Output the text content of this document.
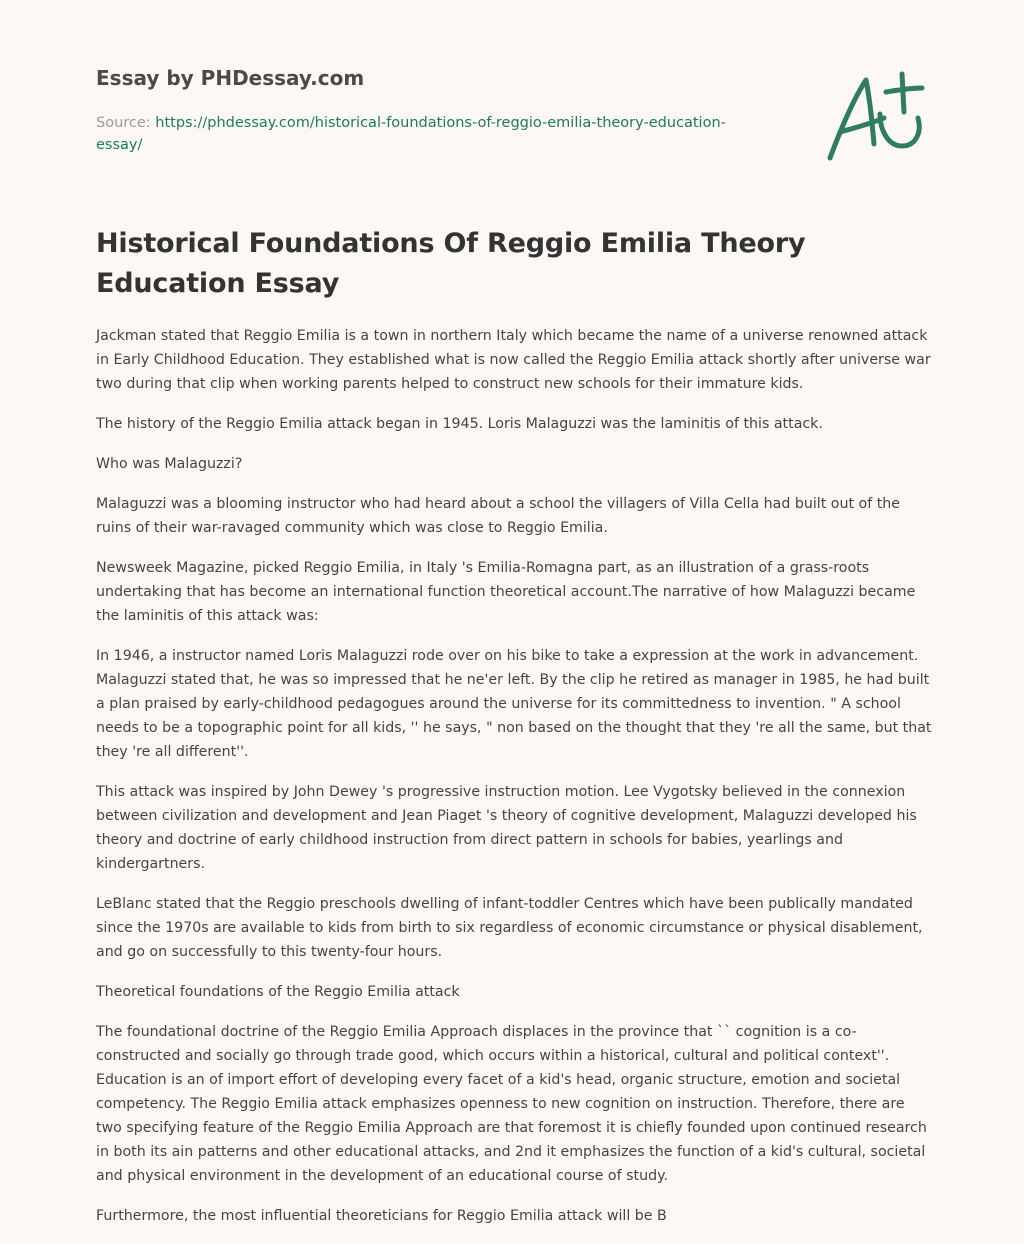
Essay by PHDessay.com
Source: https://phdessay.com/historical-foundations-of-reggio-emilia-theory-education-essay/
Historical Foundations Of Reggio Emilia Theory Education Essay

Jackman stated that Reggio Emilia is a town in northern Italy which became the name of a universe renowned attack in Early Childhood Education. They established what is now called the Reggio Emilia attack shortly after universe war two during that clip when working parents helped to construct new schools for their immature kids.

The history of the Reggio Emilia attack began in 1945. Loris Malaguzzi was the laminitis of this attack.

Who was Malaguzzi?

Malaguzzi was a blooming instructor who had heard about a school the villagers of Villa Cella had built out of the ruins of their war-ravaged community which was close to Reggio Emilia.

Newsweek Magazine, picked Reggio Emilia, in Italy 's Emilia-Romagna part, as an illustration of a grass-roots undertaking that has become an international function theoretical account.The narrative of how Malaguzzi became the laminitis of this attack was:

In 1946, a instructor named Loris Malaguzzi rode over on his bike to take a expression at the work in advancement. Malaguzzi stated that, he was so impressed that he ne'er left. By the clip he retired as manager in 1985, he had built a plan praised by early-childhood pedagogues around the universe for its committedness to invention. " A school needs to be a topographic point for all kids, '' he says, " non based on the thought that they 're all the same, but that they 're all different''.

This attack was inspired by John Dewey 's progressive instruction motion. Lee Vygotsky believed in the connexion between civilization and development and Jean Piaget 's theory of cognitive development, Malaguzzi developed his theory and doctrine of early childhood instruction from direct pattern in schools for babies, yearlings and kindergartners.

LeBlanc stated that the Reggio preschools dwelling of infant-toddler Centres which have been publically mandated since the 1970s are available to kids from birth to six regardless of economic circumstance or physical disablement, and go on successfully to this twenty-four hours.

Theoretical foundations of the Reggio Emilia attack

The foundational doctrine of the Reggio Emilia Approach displaces in the province that `` cognition is a co-constructed and socially go through trade good, which occurs within a historical, cultural and political context''. Education is an of import effort of developing every facet of a kid's head, organic structure, emotion and societal competency. The Reggio Emilia attack emphasizes openness to new cognition on instruction. Therefore, there are two specifying feature of the Reggio Emilia Approach are that foremost it is chiefly founded upon continued research in both its ain patterns and other educational attacks, and 2nd it emphasizes the function of a kid's cultural, societal and physical environment in the development of an educational course of study.

Furthermore, the most influential theoreticians for Reggio Emilia attack will be B
